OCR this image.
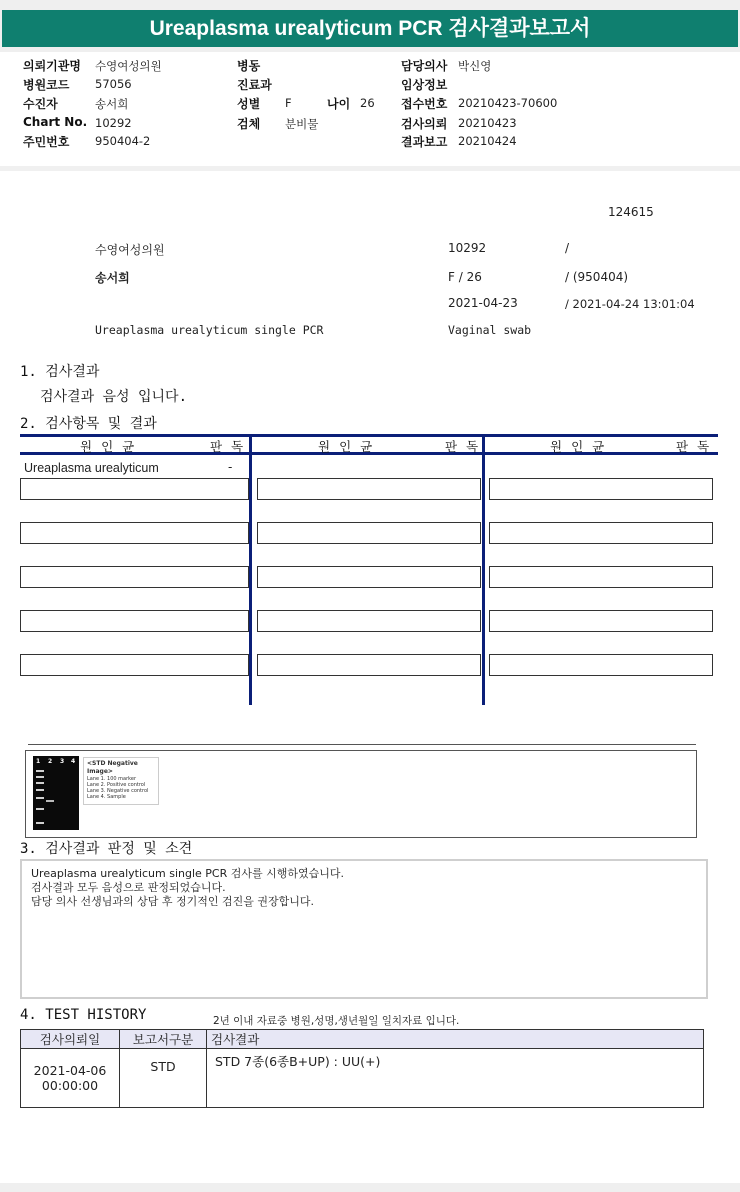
Ureaplasma urealyticum PCR 검사결과보고서
의뢰기관명 수영여성의원
병원코드 57056
수진자	송서희
Chart No. 10292
주민번호 950404-2
병동
진료과
성별 F	나이 26
검체 분비물
담당의사 박신영
임상정보
접수번호 20210423-70600
검사의뢰 20210423
결과보고 20210424
124615
수영여성의원	10292	/
송서희	F / 26	/ (950404)
2021-04-23	/ 2021-04-24 13:01:04
Ureaplasma urealyticum single PCR	Vaginal swab
1. 검사결과
검사결과 음성 입니다.
2. 검사항목 및 결과
원인균	판독	원인균	판독	원인균	판독
Ureaplasma urealyticum	-
1 2 3 4 <STD Negative Image>
Lane 1. 100 marker
Lane 2. Positive control
Lane 3. Negative control
Lane 4. Sample
3. 검사결과 판정 및 소견
Ureaplasma urealyticum single PCR 검사를 시행하였습니다.
검사결과 모두 음성으로 판정되었습니다.
담당 의사 선생님과의 상담 후 정기적인 검진을 권장합니다.
4. TEST HISTORY	2년 이내 자료중 병원,성명,생년월일 일치자료 입니다.
검사의뢰일	보고서구분	검사결과

2021-04-06
00:00:00	STD	STD 7종(6종B+UP) : UU(+)
